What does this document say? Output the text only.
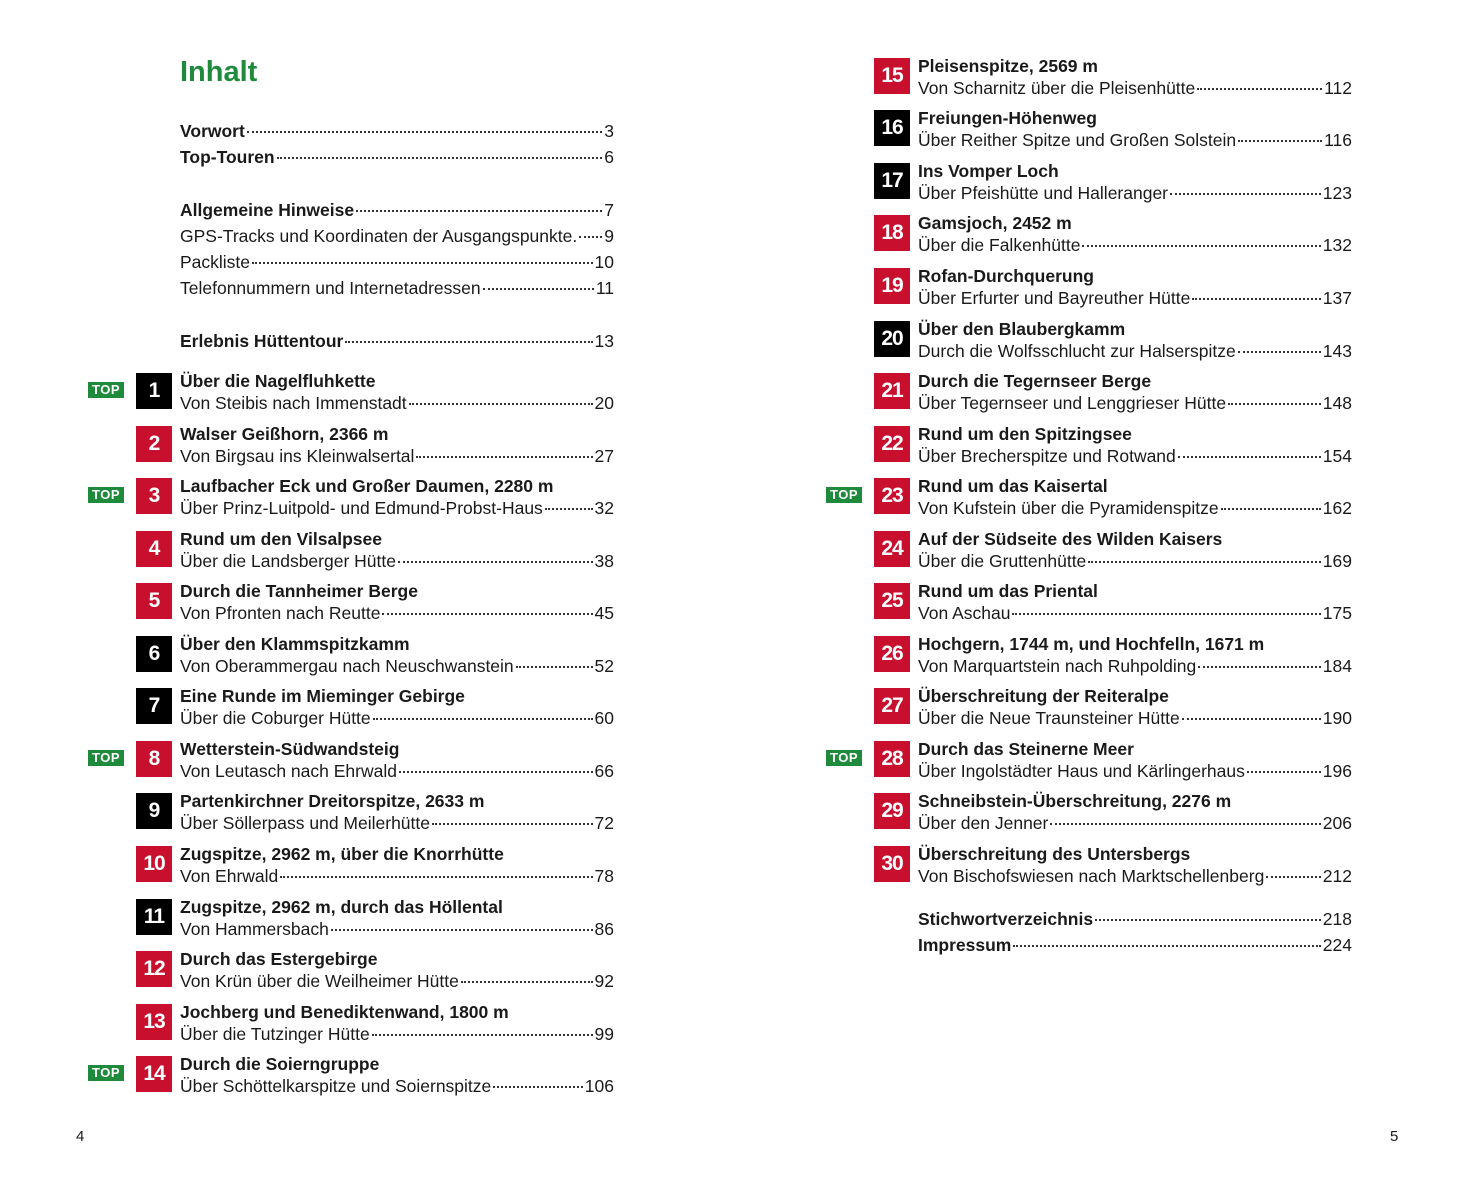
Inhalt
Vorwort	3
Top-Touren	6
Allgemeine Hinweise	7
GPS-Tracks und Koordinaten der Ausgangspunkte. 9
Packliste	10
Telefonnummern und Internetadressen	11
Erlebnis Hüttentour	13
TOP	1	Über die Nagelfluhkette
Von Steibis nach Immenstadt	20
2	Walser Geißhorn, 2366 m
Von Birgsau ins Kleinwalsertal	27
TOP	3	Laufbacher Eck und Großer Daumen, 2280 m
Über Prinz-Luitpold- und Edmund-Probst-Haus	32
4	Rund um den Vilsalpsee
Über die Landsberger Hütte	38
5	Durch die Tannheimer Berge
Von Pfronten nach Reutte	45
6	Über den Klammspitzkamm
Von Oberammergau nach Neuschwanstein	52
7	Eine Runde im Mieminger Gebirge
Über die Coburger Hütte	60
TOP	8	Wetterstein-Südwandsteig
Von Leutasch nach Ehrwald	66
9	Partenkirchner Dreitorspitze, 2633 m
Über Söllerpass und Meilerhütte	72
10 Zugspitze, 2962 m, über die Knorrhütte
Von Ehrwald	78
11 Zugspitze, 2962 m, durch das Höllental
Von Hammersbach	86
12 Durch das Estergebirge
Von Krün über die Weilheimer Hütte	92
13 Jochberg und Benediktenwand, 1800 m
Über die Tutzinger Hütte	99
TOP	14 Durch die Soierngruppe
Über Schöttelkarspitze und Soiernspitze	106
4
15 Pleisenspitze, 2569 m
Von Scharnitz über die Pleisenhütte	112
16 Freiungen-Höhenweg
Über Reither Spitze und Großen Solstein	116
17 Ins Vomper Loch
Über Pfeishütte und Halleranger	123
18 Gamsjoch, 2452 m
Über die Falkenhütte	132
19 Rofan-Durchquerung
Über Erfurter und Bayreuther Hütte	137
20 Über den Blaubergkamm
Durch die Wolfsschlucht zur Halserspitze	143
21 Durch die Tegernseer Berge
Über Tegernseer und Lenggrieser Hütte	148
22 Rund um den Spitzingsee
Über Brecherspitze und Rotwand	154
TOP	23 Rund um das Kaisertal
Von Kufstein über die Pyramidenspitze	162
24 Auf der Südseite des Wilden Kaisers
Über die Gruttenhütte	169
25 Rund um das Priental
Von Aschau	175
26 Hochgern, 1744 m, und Hochfelln, 1671 m
Von Marquartstein nach Ruhpolding	184
27 Überschreitung der Reiteralpe
Über die Neue Traunsteiner Hütte	190
TOP	28 Durch das Steinerne Meer
Über Ingolstädter Haus und Kärlingerhaus	196
29 Schneibstein-Überschreitung, 2276 m
Über den Jenner	206
30 Überschreitung des Untersbergs
Von Bischofswiesen nach Marktschellenberg	212
Stichwortverzeichnis	218
Impressum	224
5
